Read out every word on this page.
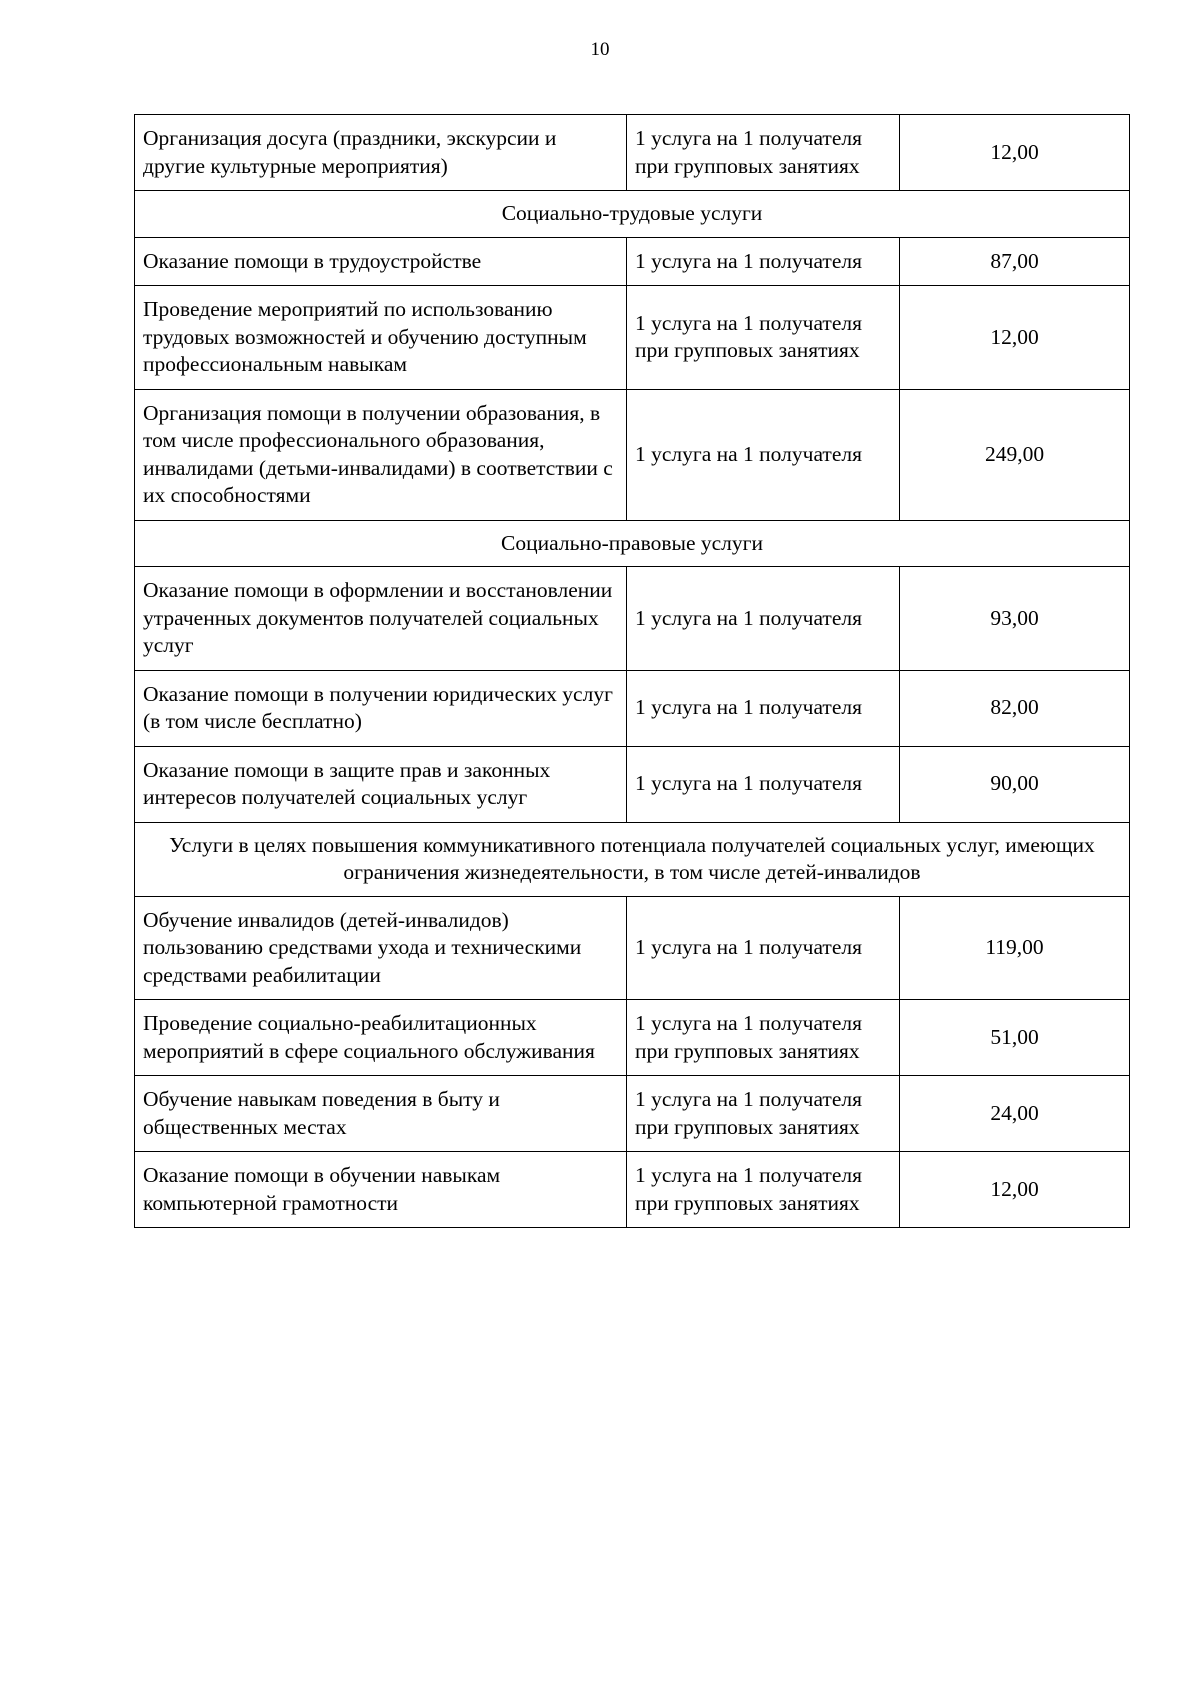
10
Организация досуга (праздники, экскурсии и другие культурные мероприятия)	1 услуга на 1 получателя при групповых занятиях	12,00
Социально-трудовые услуги		
Оказание помощи в трудоустройстве	1 услуга на 1 получателя	87,00
Проведение мероприятий по использованию трудовых возможностей и обучению доступным профессиональным навыкам	1 услуга на 1 получателя при групповых занятиях	12,00
Организация помощи в получении образования, в том числе профессионального образования, инвалидами (детьми-инвалидами) в соответствии с их способностями	1 услуга на 1 получателя	249,00
Социально-правовые услуги		
Оказание помощи в оформлении и восстановлении утраченных документов получателей социальных услуг	1 услуга на 1 получателя	93,00
Оказание помощи в получении юридических услуг (в том числе бесплатно)	1 услуга на 1 получателя	82,00
Оказание помощи в защите прав и законных интересов получателей социальных услуг	1 услуга на 1 получателя	90,00
Услуги в целях повышения коммуникативного потенциала получателей социальных услуг, имеющих ограничения жизнедеятельности, в том числе детей-инвалидов		
Обучение инвалидов (детей-инвалидов) пользованию средствами ухода и техническими средствами реабилитации	1 услуга на 1 получателя	119,00
Проведение социально-реабилитационных мероприятий в сфере социального обслуживания	1 услуга на 1 получателя при групповых занятиях	51,00
Обучение навыкам поведения в быту и общественных местах	1 услуга на 1 получателя при групповых занятиях	24,00
Оказание помощи в обучении навыкам компьютерной грамотности	1 услуга на 1 получателя при групповых занятиях	12,00
